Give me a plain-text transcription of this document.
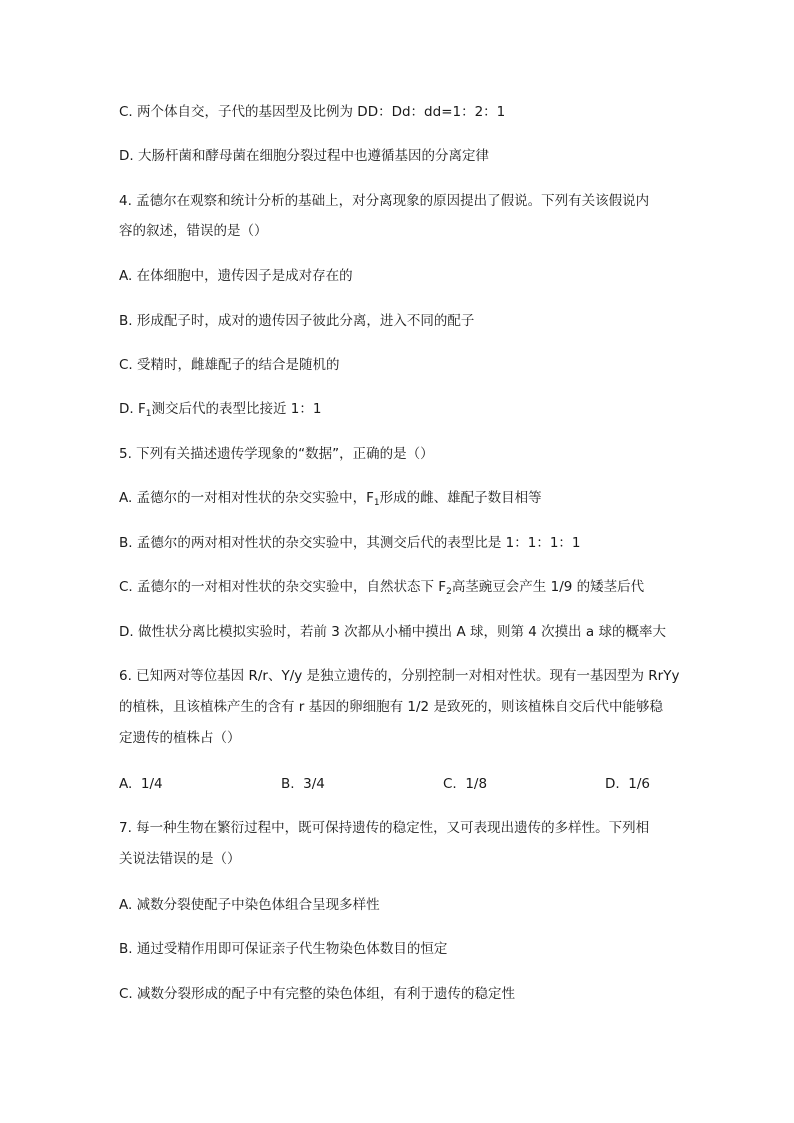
C. 两个体自交，子代的基因型及比例为 DD：Dd：dd=1：2：1
D. 大肠杆菌和酵母菌在细胞分裂过程中也遵循基因的分离定律
4. 孟德尔在观察和统计分析的基础上，对分离现象的原因提出了假说。下列有关该假说内
容的叙述，错误的是（）
A. 在体细胞中，遗传因子是成对存在的
B. 形成配子时，成对的遗传因子彼此分离，进入不同的配子
C. 受精时，雌雄配子的结合是随机的
D. $F_1$测交后代的表型比接近 1：1
5. 下列有关描述遗传学现象的“数据”，正确的是（）
A. 孟德尔的一对相对性状的杂交实验中，$F_1$形成的雌、雄配子数目相等
B. 孟德尔的两对相对性状的杂交实验中，其测交后代的表型比是 1：1：1：1
C. 孟德尔的一对相对性状的杂交实验中，自然状态下 $F_2$高茎豌豆会产生 1/9 的矮茎后代
D. 做性状分离比模拟实验时，若前 3 次都从小桶中摸出 A 球，则第 4 次摸出 a 球的概率大
6. 已知两对等位基因 R/r、Y/y 是独立遗传的，分别控制一对相对性状。现有一基因型为 RrYy
的植株，且该植株产生的含有 r 基因的卵细胞有 1/2 是致死的，则该植株自交后代中能够稳
定遗传的植株占（）
A. 1/4	B. 3/4	C. 1/8	D. 1/6
7. 每一种生物在繁衍过程中，既可保持遗传的稳定性，又可表现出遗传的多样性。下列相
关说法错误的是（）
A. 减数分裂使配子中染色体组合呈现多样性
B. 通过受精作用即可保证亲子代生物染色体数目的恒定
C. 减数分裂形成的配子中有完整的染色体组，有利于遗传的稳定性
